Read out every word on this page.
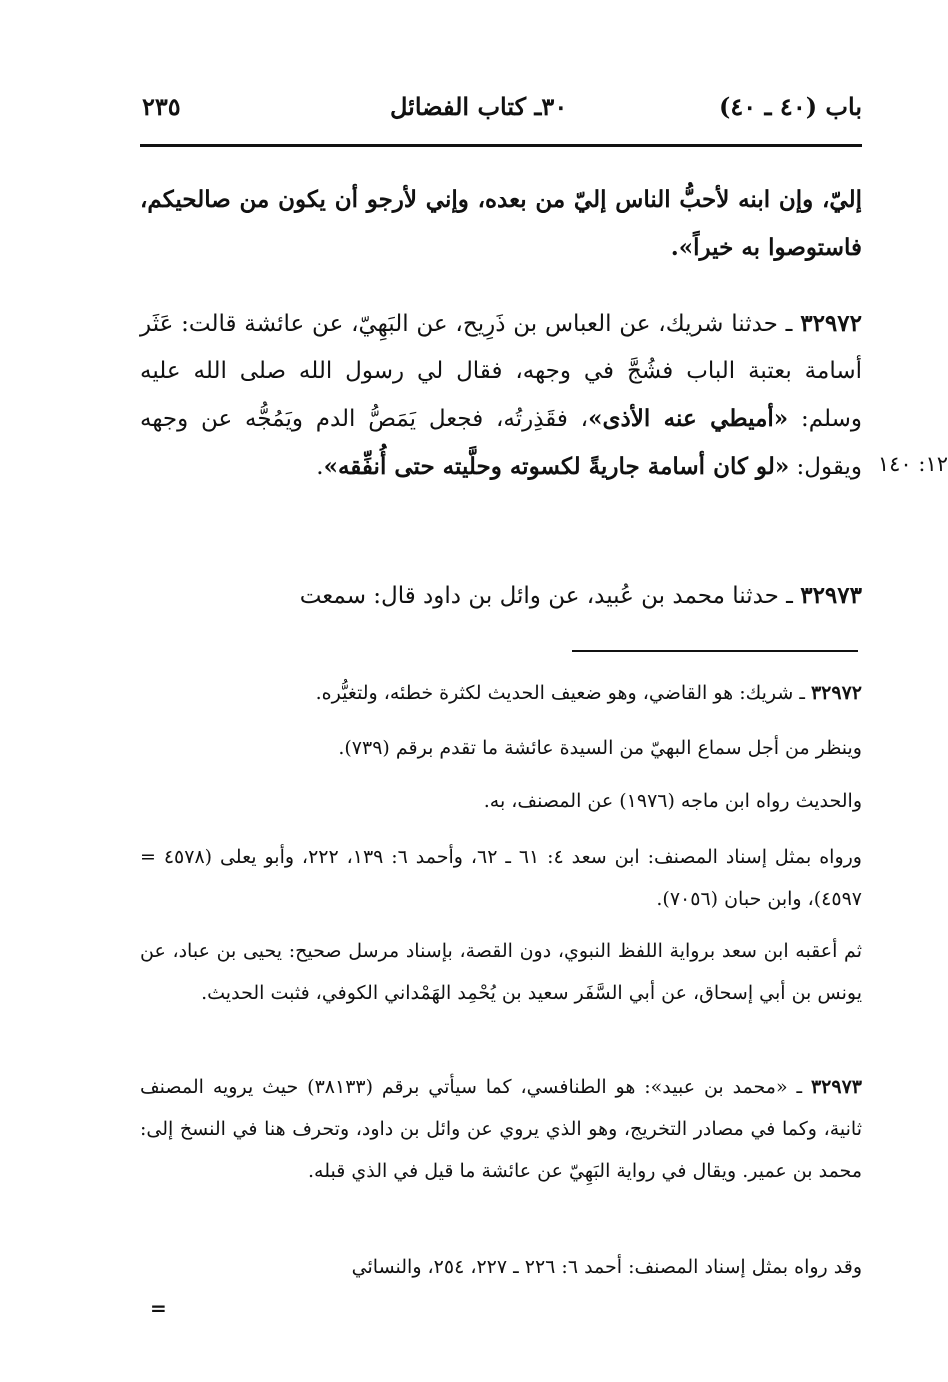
باب (٤٠ ـ ٤٠)
٣٠ـ كتاب الفضائل
٢٣٥
إليّ، وإن ابنه لأحبُّ الناس إليّ من بعده، وإني لأرجو أن يكون من صالحيكم، فاستوصوا به خيراً».
٣٢٩٧٢ ـ حدثنا شريك، عن العباس بن ذَرِيح، عن البَهِيّ، عن عائشة قالت: عَثَر أسامة بعتبة الباب فشُجَّ في وجهه، فقال لي رسول الله صلى الله عليه وسلم: «أميطي عنه الأذى»، فقَذِرتُه، فجعل يَمَصُّ الدم ويَمُجُّه عن وجهه ويقول: «لو كان أسامة جاريةً لكسوته وحلَّيته حتى أُنفِّقه».	١٢: ١٤٠
٣٢٩٧٣ ـ حدثنا محمد بن عُبيد، عن وائل بن داود قال: سمعت
٣٢٩٧٢ ـ شريك: هو القاضي، وهو ضعيف الحديث لكثرة خطئه، ولتغيُّره.
وينظر من أجل سماع البهيّ من السيدة عائشة ما تقدم برقم (٧٣٩).
والحديث رواه ابن ماجه (١٩٧٦) عن المصنف، به.
ورواه بمثل إسناد المصنف: ابن سعد ٤: ٦١ ـ ٦٢، وأحمد ٦: ١٣٩، ٢٢٢، وأبو يعلى (٤٥٧٨ = ٤٥٩٧)، وابن حبان (٧٠٥٦).
ثم أعقبه ابن سعد برواية اللفظ النبوي، دون القصة، بإسناد مرسل صحيح: يحيى بن عباد، عن يونس بن أبي إسحاق، عن أبي السَّفَر سعيد بن يُحْمِد الهَمْداني الكوفي، فثبت الحديث.
٣٢٩٧٣ ـ «محمد بن عبيد»: هو الطنافسي، كما سيأتي برقم (٣٨١٣٣) حيث يرويه المصنف ثانية، وكما في مصادر التخريج، وهو الذي يروي عن وائل بن داود، وتحرف هنا في النسخ إلى: محمد بن عمير. ويقال في رواية البَهِيّ عن عائشة ما قيل في الذي قبله.
وقد رواه بمثل إسناد المصنف: أحمد ٦: ٢٢٦ ـ ٢٢٧، ٢٥٤، والنسائي
=
